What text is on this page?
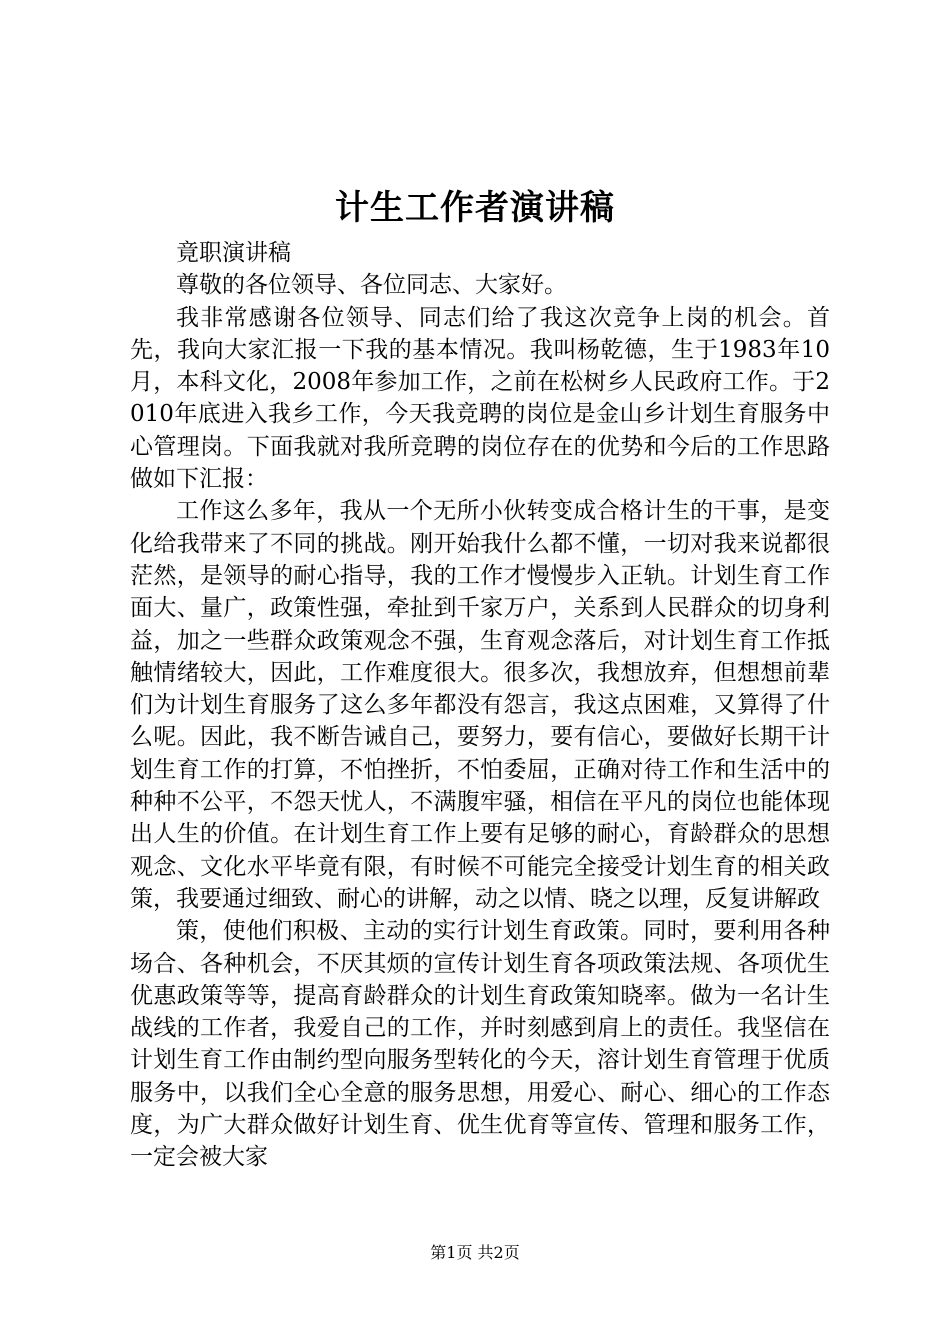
计生工作者演讲稿

竟职演讲稿

尊敬的各位领导、各位同志、大家好。

我非常感谢各位领导、同志们给了我这次竞争上岗的机会。首先，我向大家汇报一下我的基本情况。我叫杨乾德，生于1983年10月，本科文化，2008年参加工作，之前在松树乡人民政府工作。于2010年底进入我乡工作，今天我竞聘的岗位是金山乡计划生育服务中心管理岗。下面我就对我所竞聘的岗位存在的优势和今后的工作思路做如下汇报：

工作这么多年，我从一个无所小伙转变成合格计生的干事，是变化给我带来了不同的挑战。刚开始我什么都不懂，一切对我来说都很茫然，是领导的耐心指导，我的工作才慢慢步入正轨。计划生育工作面大、量广，政策性强，牵扯到千家万户，关系到人民群众的切身利益，加之一些群众政策观念不强，生育观念落后，对计划生育工作抵触情绪较大，因此，工作难度很大。很多次，我想放弃，但想想前辈们为计划生育服务了这么多年都没有怨言，我这点困难，又算得了什么呢。因此，我不断告诫自己，要努力，要有信心，要做好长期干计划生育工作的打算，不怕挫折，不怕委屈，正确对待工作和生活中的种种不公平，不怨天忧人，不满腹牢骚，相信在平凡的岗位也能体现出人生的价值。在计划生育工作上要有足够的耐心，育龄群众的思想观念、文化水平毕竟有限，有时候不可能完全接受计划生育的相关政策，我要通过细致、耐心的讲解，动之以情、晓之以理，反复讲解政

策，使他们积极、主动的实行计划生育政策。同时，要利用各种场合、各种机会，不厌其烦的宣传计划生育各项政策法规、各项优生优惠政策等等，提高育龄群众的计划生育政策知晓率。做为一名计生战线的工作者，我爱自己的工作，并时刻感到肩上的责任。我坚信在计划生育工作由制约型向服务型转化的今天，溶计划生育管理于优质服务中，以我们全心全意的服务思想，用爱心、耐心、细心的工作态度，为广大群众做好计划生育、优生优育等宣传、管理和服务工作，一定会被大家

第1页 共2页
